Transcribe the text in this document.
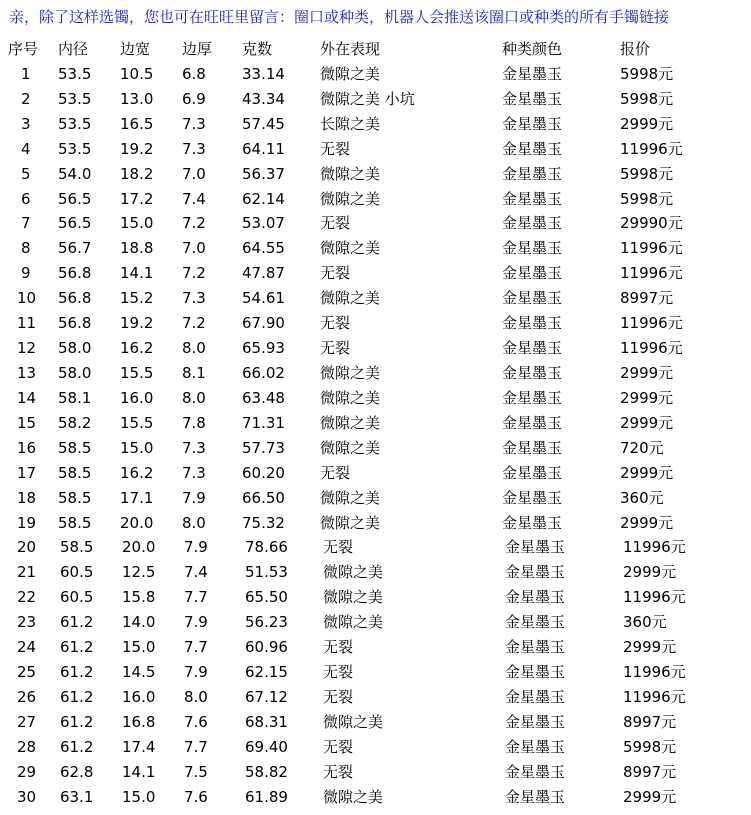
亲，除了这样选镯，您也可在旺旺里留言：圈口或种类，机器人会推送该圈口或种类的所有手镯链接
序号	内径 边宽 边厚 克数	外在表现	种类颜色	报价
1	53.5 10.5 6.8 33.14 微隙之美	金星墨玉	5998元
2	53.5 13.0 6.9 43.34 微隙之美 小坑	金星墨玉	5998元
3	53.5 16.5 7.3 57.45 长隙之美	金星墨玉	2999元
4	53.5 19.2 7.3 64.11 无裂	金星墨玉	11996元
5	54.0 18.2 7.0 56.37 微隙之美	金星墨玉	5998元
6	56.5 17.2 7.4 62.14 微隙之美	金星墨玉	5998元
7	56.5 15.0 7.2 53.07 无裂	金星墨玉	29990元
8	56.7 18.8 7.0 64.55 微隙之美	金星墨玉	11996元
9	56.8 14.1 7.2 47.87 无裂	金星墨玉	11996元
10	56.8 15.2 7.3 54.61 微隙之美	金星墨玉	8997元
11	56.8 19.2 7.2 67.90 无裂	金星墨玉	11996元
12	58.0 16.2 8.0 65.93 无裂	金星墨玉	11996元
13	58.0 15.5 8.1 66.02 微隙之美	金星墨玉	2999元
14	58.1 16.0 8.0 63.48 微隙之美	金星墨玉	2999元
15	58.2 15.5 7.8 71.31 微隙之美	金星墨玉	2999元
16	58.5 15.0 7.3 57.73 微隙之美	金星墨玉	720元
17	58.5 16.2 7.3 60.20 无裂	金星墨玉	2999元
18	58.5 17.1 7.9 66.50 微隙之美	金星墨玉	360元
19	58.5 20.0 8.0 75.32 微隙之美	金星墨玉	2999元
20	58.5 20.0 7.9 78.66 无裂	金星墨玉	11996元
21	60.5 12.5 7.4 51.53 微隙之美	金星墨玉	2999元
22	60.5 15.8 7.7 65.50 微隙之美	金星墨玉	11996元
23	61.2 14.0 7.9 56.23 微隙之美	金星墨玉	360元
24	61.2 15.0 7.7 60.96 无裂	金星墨玉	2999元
25	61.2 14.5 7.9 62.15 无裂	金星墨玉	11996元
26	61.2 16.0 8.0 67.12 无裂	金星墨玉	11996元
27	61.2 16.8 7.6 68.31 微隙之美	金星墨玉	8997元
28	61.2 17.4 7.7 69.40 无裂	金星墨玉	5998元
29	62.8 14.1 7.5 58.82 无裂	金星墨玉	8997元
30	63.1 15.0 7.6 61.89 微隙之美	金星墨玉	2999元
